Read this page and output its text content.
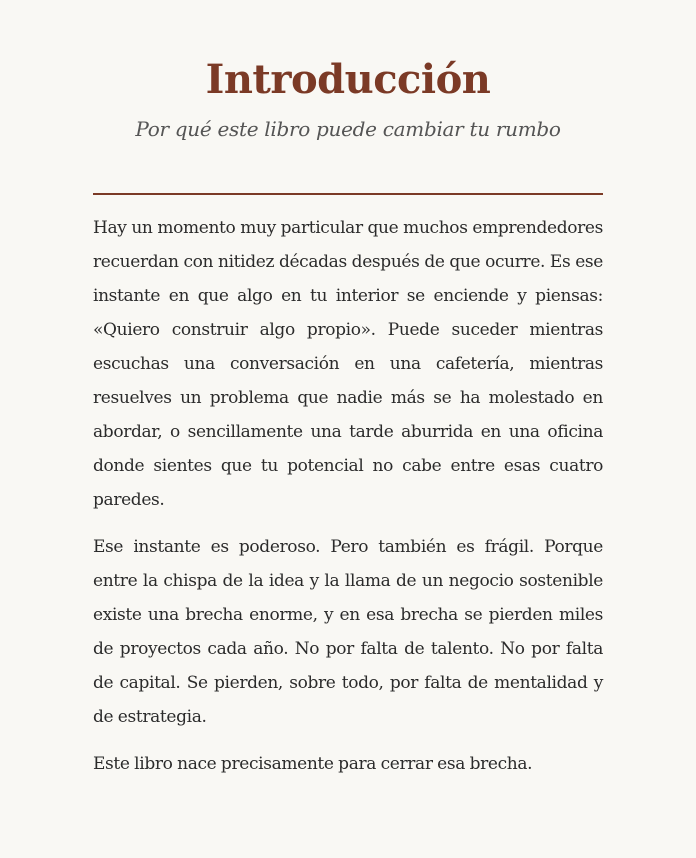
Introducción

Por qué este libro puede cambiar tu rumbo

Hay un momento muy particular que muchos emprendedores recuerdan con nitidez décadas después de que ocurre. Es ese instante en que algo en tu interior se enciende y piensas: «Quiero construir algo propio». Puede suceder mientras escuchas una conversación en una cafetería, mientras resuelves un problema que nadie más se ha molestado en abordar, o sencillamente una tarde aburrida en una oficina donde sientes que tu potencial no cabe entre esas cuatro paredes.

Ese instante es poderoso. Pero también es frágil. Porque entre la chispa de la idea y la llama de un negocio sostenible existe una brecha enorme, y en esa brecha se pierden miles de proyectos cada año. No por falta de talento. No por falta de capital. Se pierden, sobre todo, por falta de mentalidad y de estrategia.

Este libro nace precisamente para cerrar esa brecha.
